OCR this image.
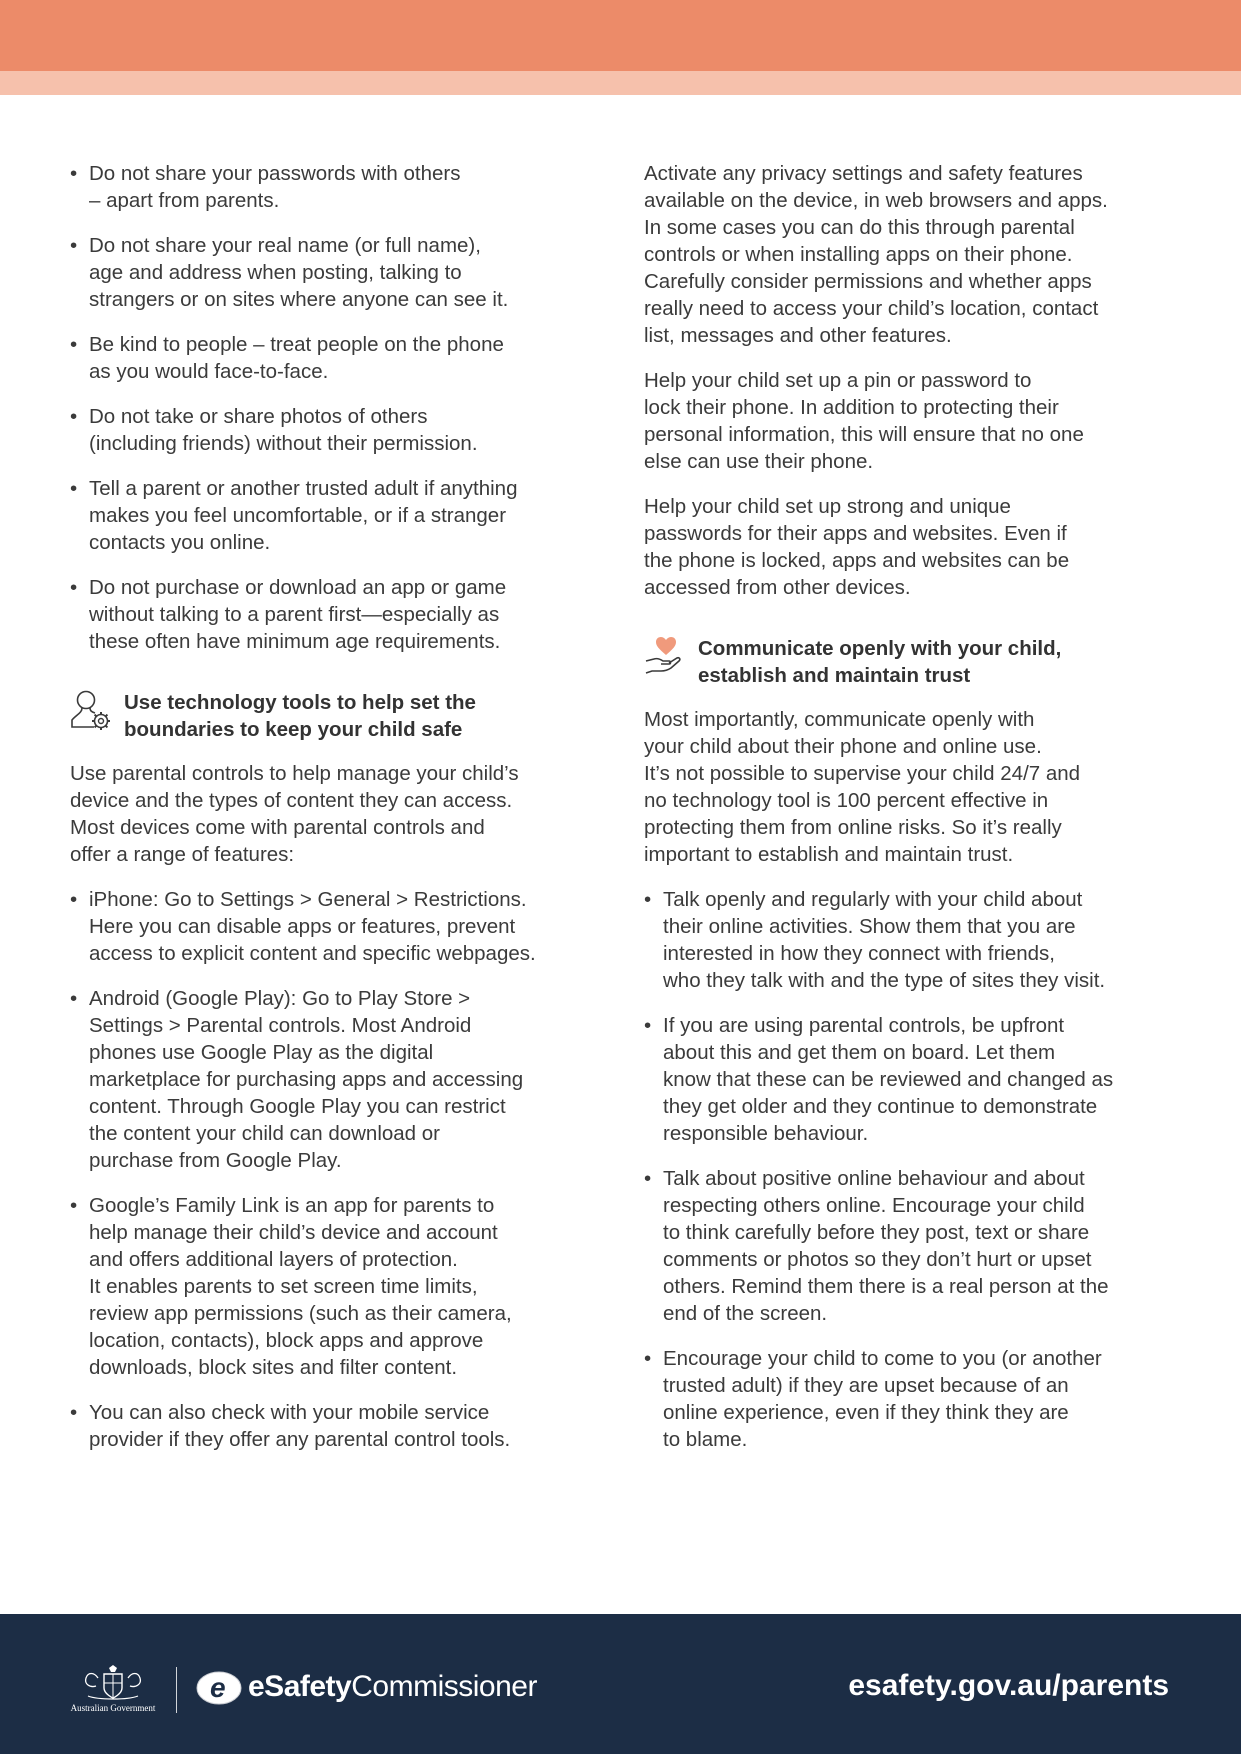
• Do not share your passwords with others
– apart from parents.
• Do not share your real name (or full name),
age and address when posting, talking to
strangers or on sites where anyone can see it.
• Be kind to people – treat people on the phone
as you would face-to-face.
• Do not take or share photos of others
(including friends) without their permission.
• Tell a parent or another trusted adult if anything
makes you feel uncomfortable, or if a stranger
contacts you online.
• Do not purchase or download an app or game
without talking to a parent first—especially as
these often have minimum age requirements.
Use technology tools to help set the
boundaries to keep your child safe

Use parental controls to help manage your child’s
device and the types of content they can access.
Most devices come with parental controls and
offer a range of features:

• iPhone: Go to Settings > General > Restrictions.
Here you can disable apps or features, prevent
access to explicit content and specific webpages.
• Android (Google Play): Go to Play Store >
Settings > Parental controls. Most Android
phones use Google Play as the digital
marketplace for purchasing apps and accessing
content. Through Google Play you can restrict
the content your child can download or
purchase from Google Play.
• Google’s Family Link is an app for parents to
help manage their child’s device and account
and offers additional layers of protection.
It enables parents to set screen time limits,
review app permissions (such as their camera,
location, contacts), block apps and approve
downloads, block sites and filter content.
• You can also check with your mobile service
provider if they offer any parental control tools.

Activate any privacy settings and safety features
available on the device, in web browsers and apps.
In some cases you can do this through parental
controls or when installing apps on their phone.
Carefully consider permissions and whether apps
really need to access your child’s location, contact
list, messages and other features.

Help your child set up a pin or password to
lock their phone. In addition to protecting their
personal information, this will ensure that no one
else can use their phone.

Help your child set up strong and unique
passwords for their apps and websites. Even if
the phone is locked, apps and websites can be
accessed from other devices.

Communicate openly with your child,
establish and maintain trust

Most importantly, communicate openly with
your child about their phone and online use.
It’s not possible to supervise your child 24/7 and
no technology tool is 100 percent effective in
protecting them from online risks. So it’s really
important to establish and maintain trust.

• Talk openly and regularly with your child about
their online activities. Show them that you are
interested in how they connect with friends,
who they talk with and the type of sites they visit.
• If you are using parental controls, be upfront
about this and get them on board. Let them
know that these can be reviewed and changed as
they get older and they continue to demonstrate
responsible behaviour.
• Talk about positive online behaviour and about
respecting others online. Encourage your child
to think carefully before they post, text or share
comments or photos so they don’t hurt or upset
others. Remind them there is a real person at the
end of the screen.
• Encourage your child to come to you (or another
trusted adult) if they are upset because of an
online experience, even if they think they are
to blame.
Australian Government
e eSafetyCommissioner	esafety.gov.au/parents
